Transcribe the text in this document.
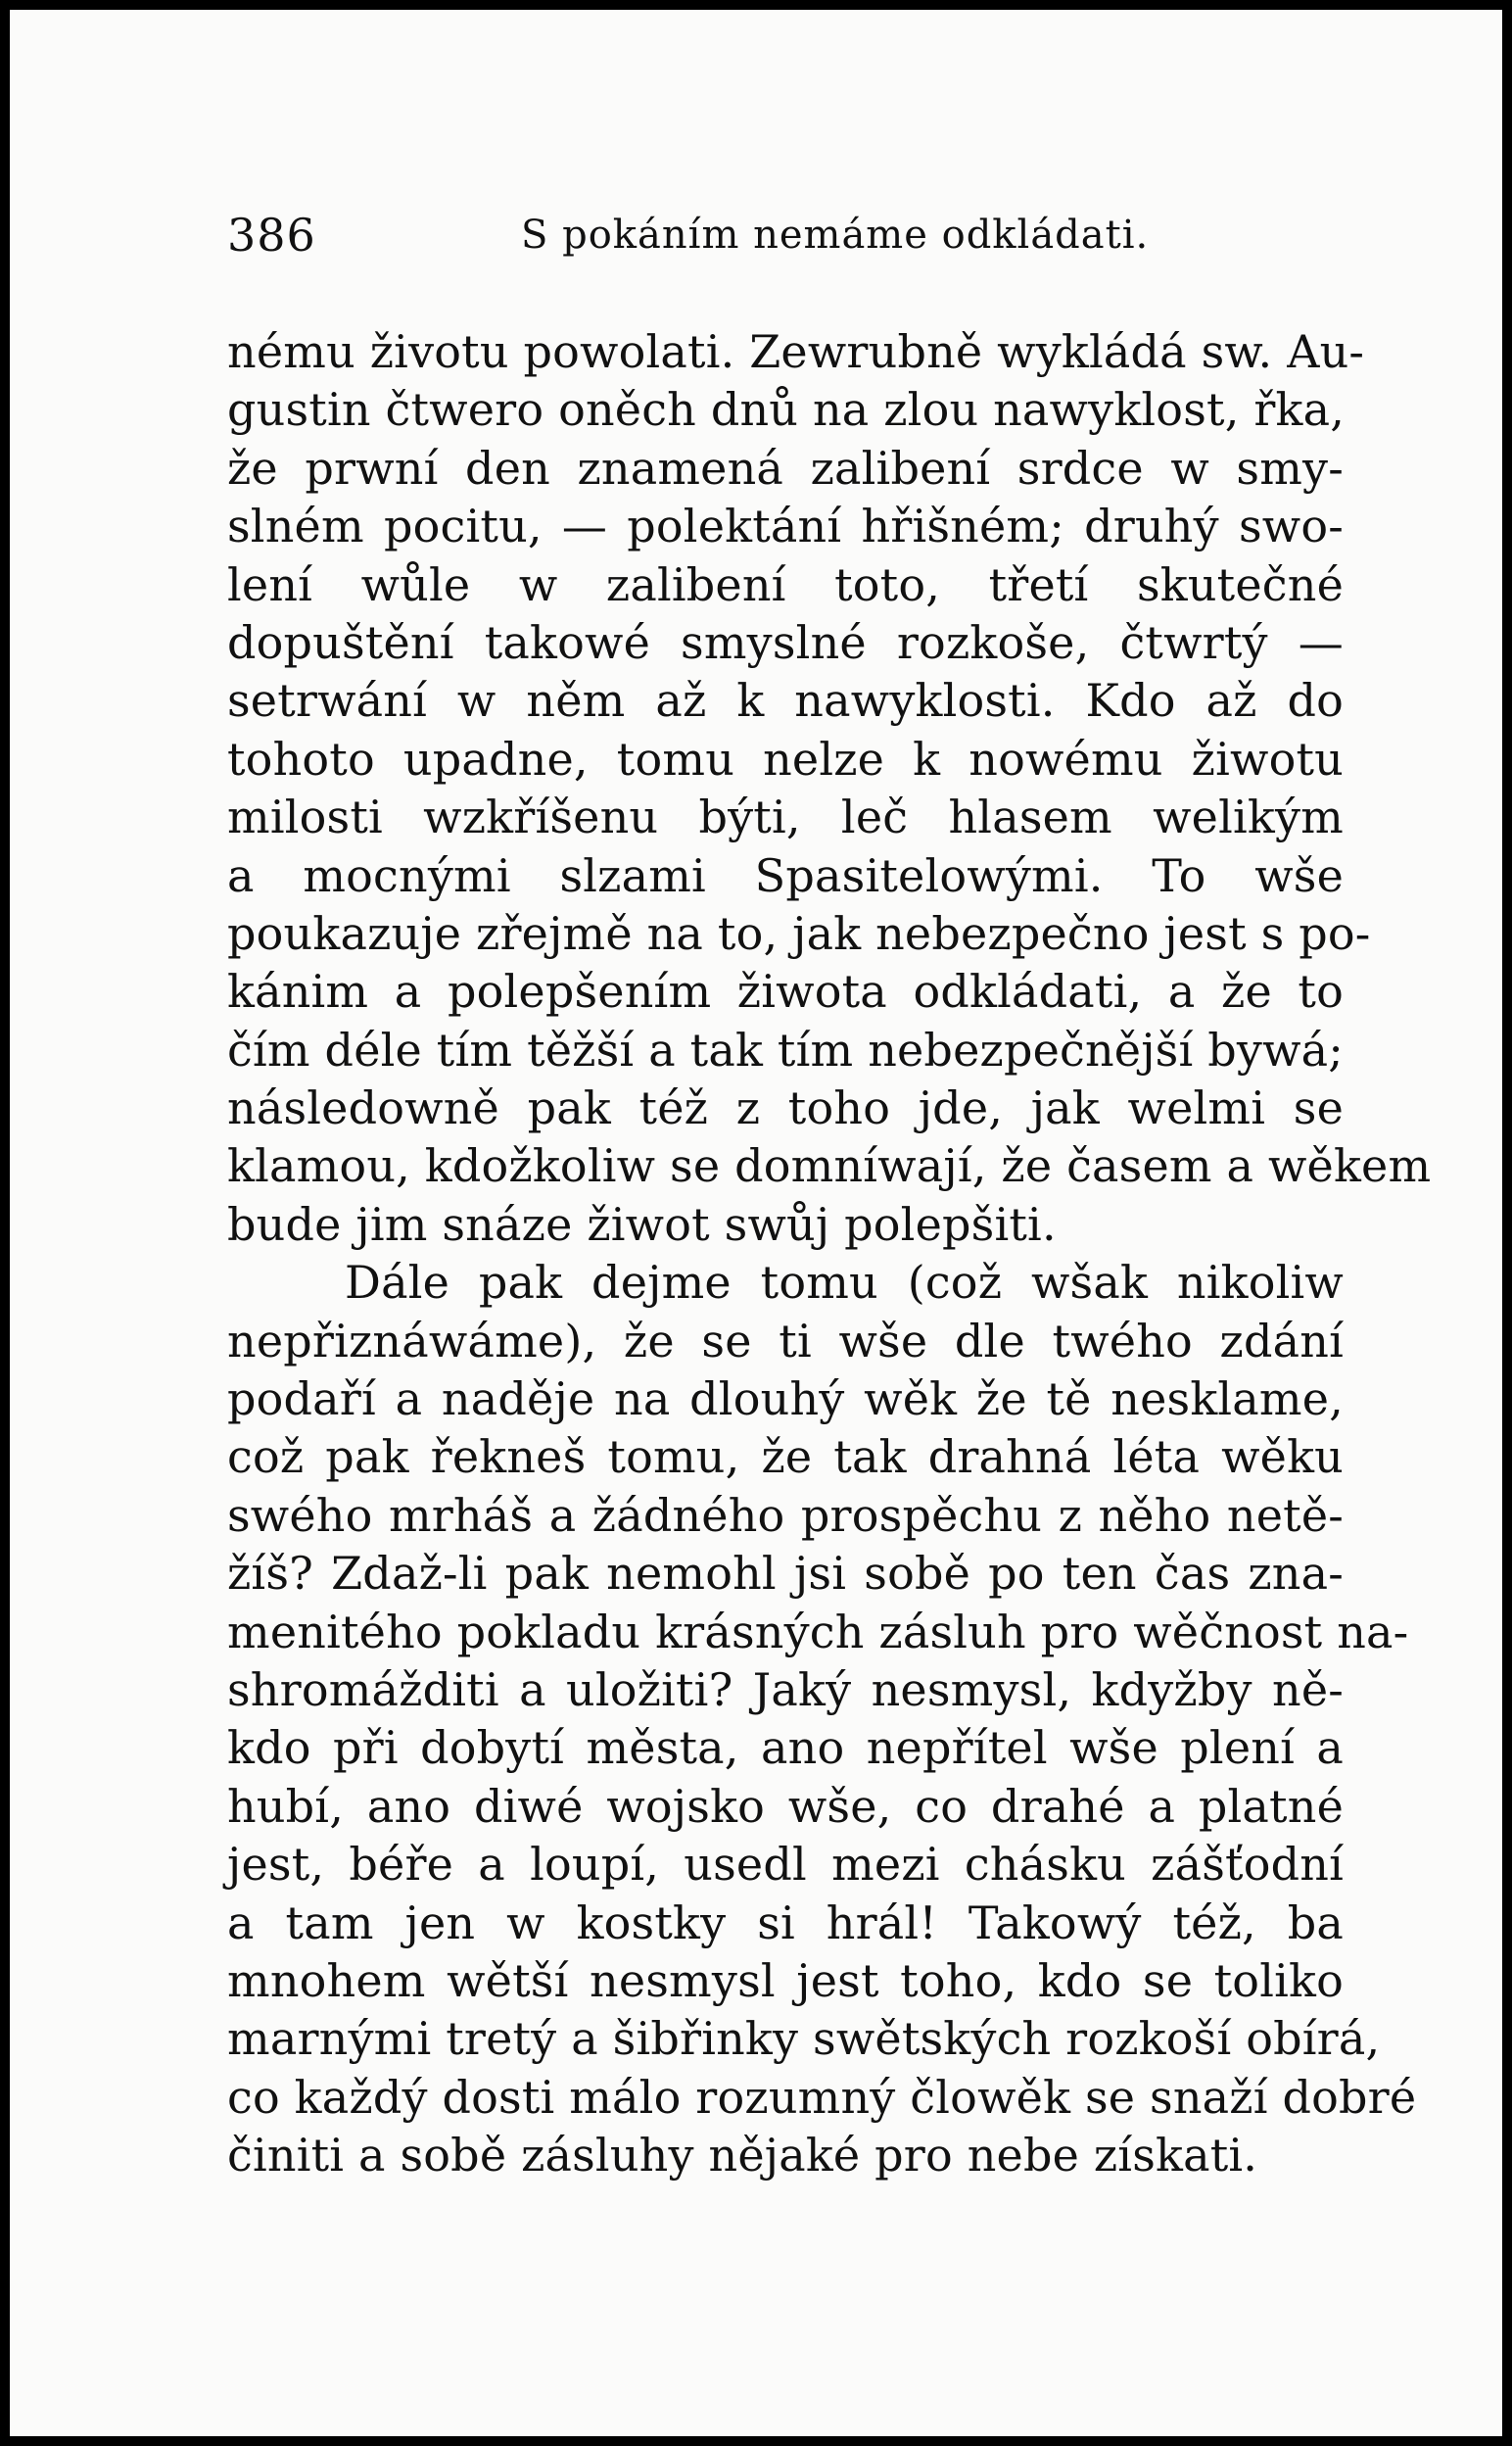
386	S pokáním nemáme odkládati.
nému životu powolati. Zewrubně wykládá sw. Au-
gustin čtwero oněch dnů na zlou nawyklost, řka,
že prwní den znamená zalibení srdce w smy-
slném pocitu, — polektání hřišném; druhý swo-
lení wůle w zalibení toto, třetí skutečné
dopuštění takowé smyslné rozkoše, čtwrtý —
setrwání w něm až k nawyklosti. Kdo až do
tohoto upadne, tomu nelze k nowému žiwotu
milosti wzkříšenu býti, leč hlasem welikým
a mocnými slzami Spasitelowými. To wše
poukazuje zřejmě na to, jak nebezpečno jest s po-
kánim a polepšením žiwota odkládati, a že to
čím déle tím těžší a tak tím nebezpečnější bywá;
následowně pak též z toho jde, jak welmi se
klamou, kdožkoliw se domníwají, že časem a wěkem
bude jim snáze žiwot swůj polepšiti.
Dále pak dejme tomu (což wšak nikoliw
nepřiznáwáme), že se ti wše dle twého zdání
podaří a naděje na dlouhý wěk že tě nesklame,
což pak řekneš tomu, že tak drahná léta wěku
swého mrháš a žádného prospěchu z něho netě-
žíš? Zdaž-li pak nemohl jsi sobě po ten čas zna-
menitého pokladu krásných zásluh pro wěčnost na-
shromážditi a uložiti? Jaký nesmysl, kdyžby ně-
kdo při dobytí města, ano nepřítel wše plení a
hubí, ano diwé wojsko wše, co drahé a platné
jest, béře a loupí, usedl mezi chásku zášťodní
a tam jen w kostky si hrál! Takowý též, ba
mnohem wětší nesmysl jest toho, kdo se toliko
marnými tretý a šibřinky swětských rozkoší obírá,
co každý dosti málo rozumný člowěk se snaží dobré
činiti a sobě zásluhy nějaké pro nebe získati.
